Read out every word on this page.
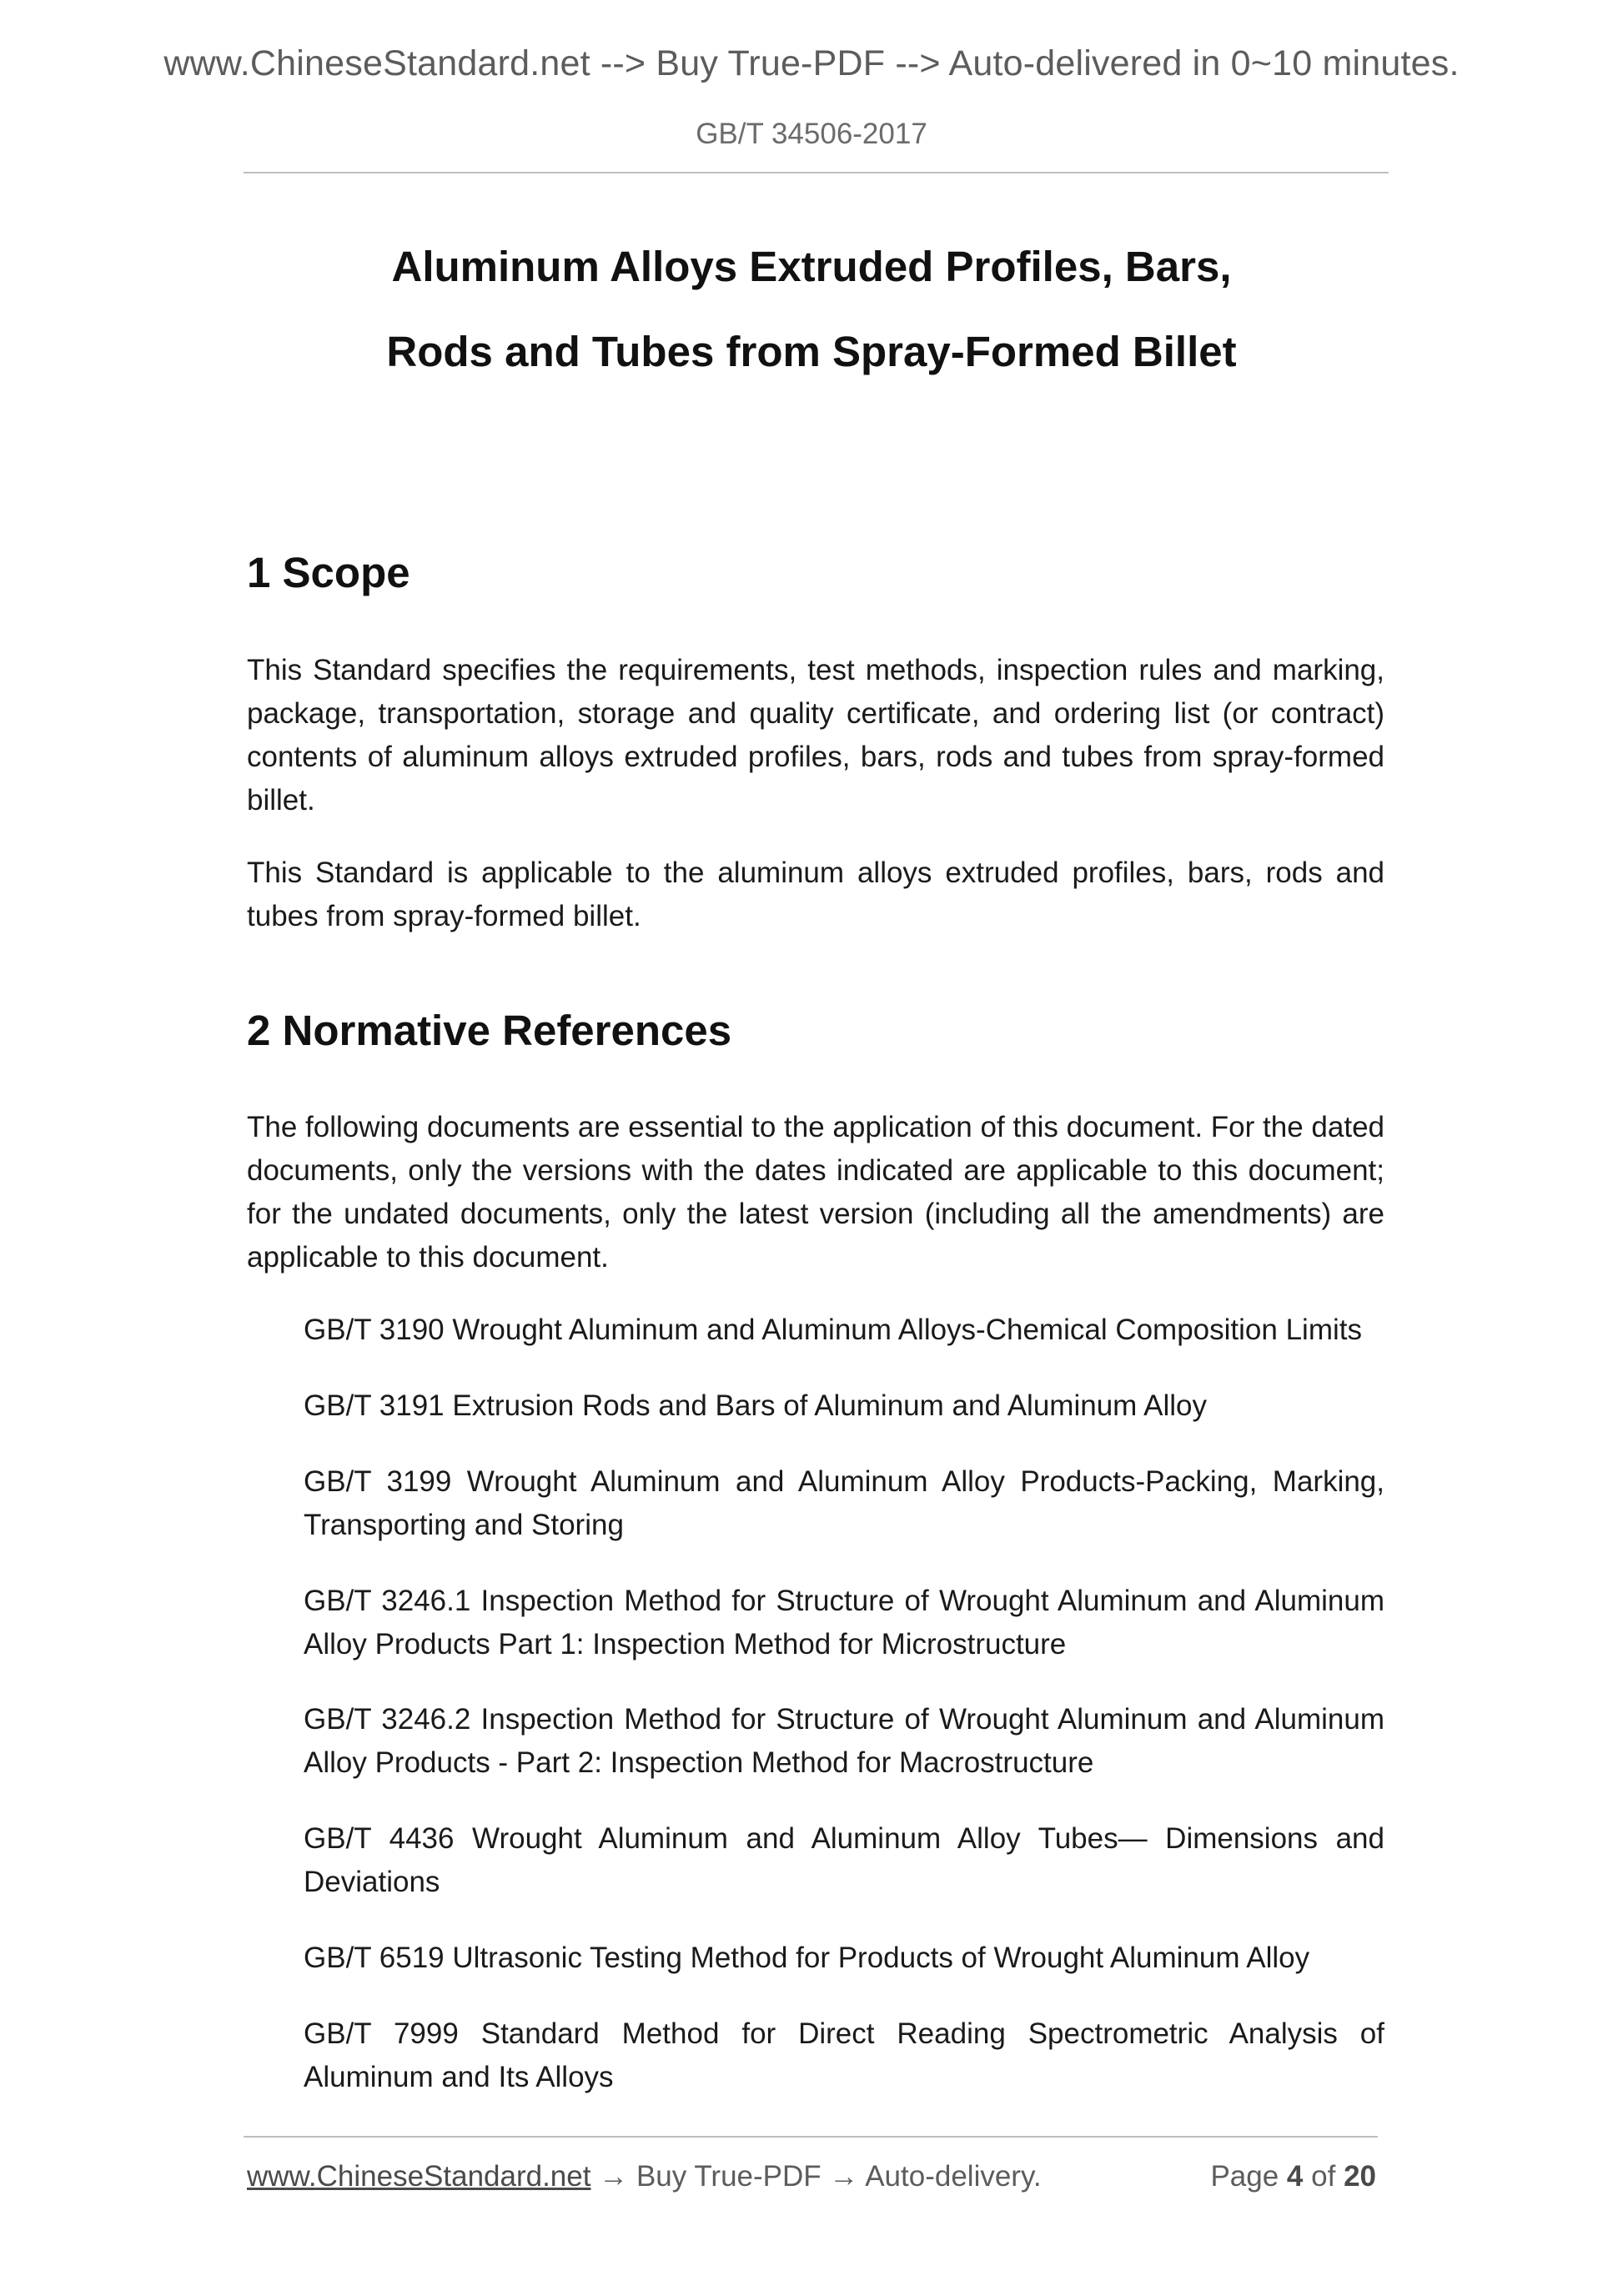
www.ChineseStandard.net --> Buy True-PDF --> Auto-delivered in 0~10 minutes.
GB/T 34506-2017
Aluminum Alloys Extruded Profiles, Bars,
Rods and Tubes from Spray-Formed Billet
1 Scope
This Standard specifies the requirements, test methods, inspection rules and marking, package, transportation, storage and quality certificate, and ordering list (or contract) contents of aluminum alloys extruded profiles, bars, rods and tubes from spray-formed billet.
This Standard is applicable to the aluminum alloys extruded profiles, bars, rods and tubes from spray-formed billet.
2 Normative References
The following documents are essential to the application of this document. For the dated documents, only the versions with the dates indicated are applicable to this document; for the undated documents, only the latest version (including all the amendments) are applicable to this document.
GB/T 3190 Wrought Aluminum and Aluminum Alloys-Chemical Composition Limits
GB/T 3191 Extrusion Rods and Bars of Aluminum and Aluminum Alloy
GB/T 3199 Wrought Aluminum and Aluminum Alloy Products-Packing, Marking, Transporting and Storing
GB/T 3246.1 Inspection Method for Structure of Wrought Aluminum and Aluminum Alloy Products Part 1: Inspection Method for Microstructure
GB/T 3246.2 Inspection Method for Structure of Wrought Aluminum and Aluminum Alloy Products - Part 2: Inspection Method for Macrostructure
GB/T 4436 Wrought Aluminum and Aluminum Alloy Tubes— Dimensions and Deviations
GB/T 6519 Ultrasonic Testing Method for Products of Wrought Aluminum Alloy
GB/T 7999 Standard Method for Direct Reading Spectrometric Analysis of Aluminum and Its Alloys
www.ChineseStandard.net → Buy True-PDF → Auto-delivery.	Page 4 of 20
